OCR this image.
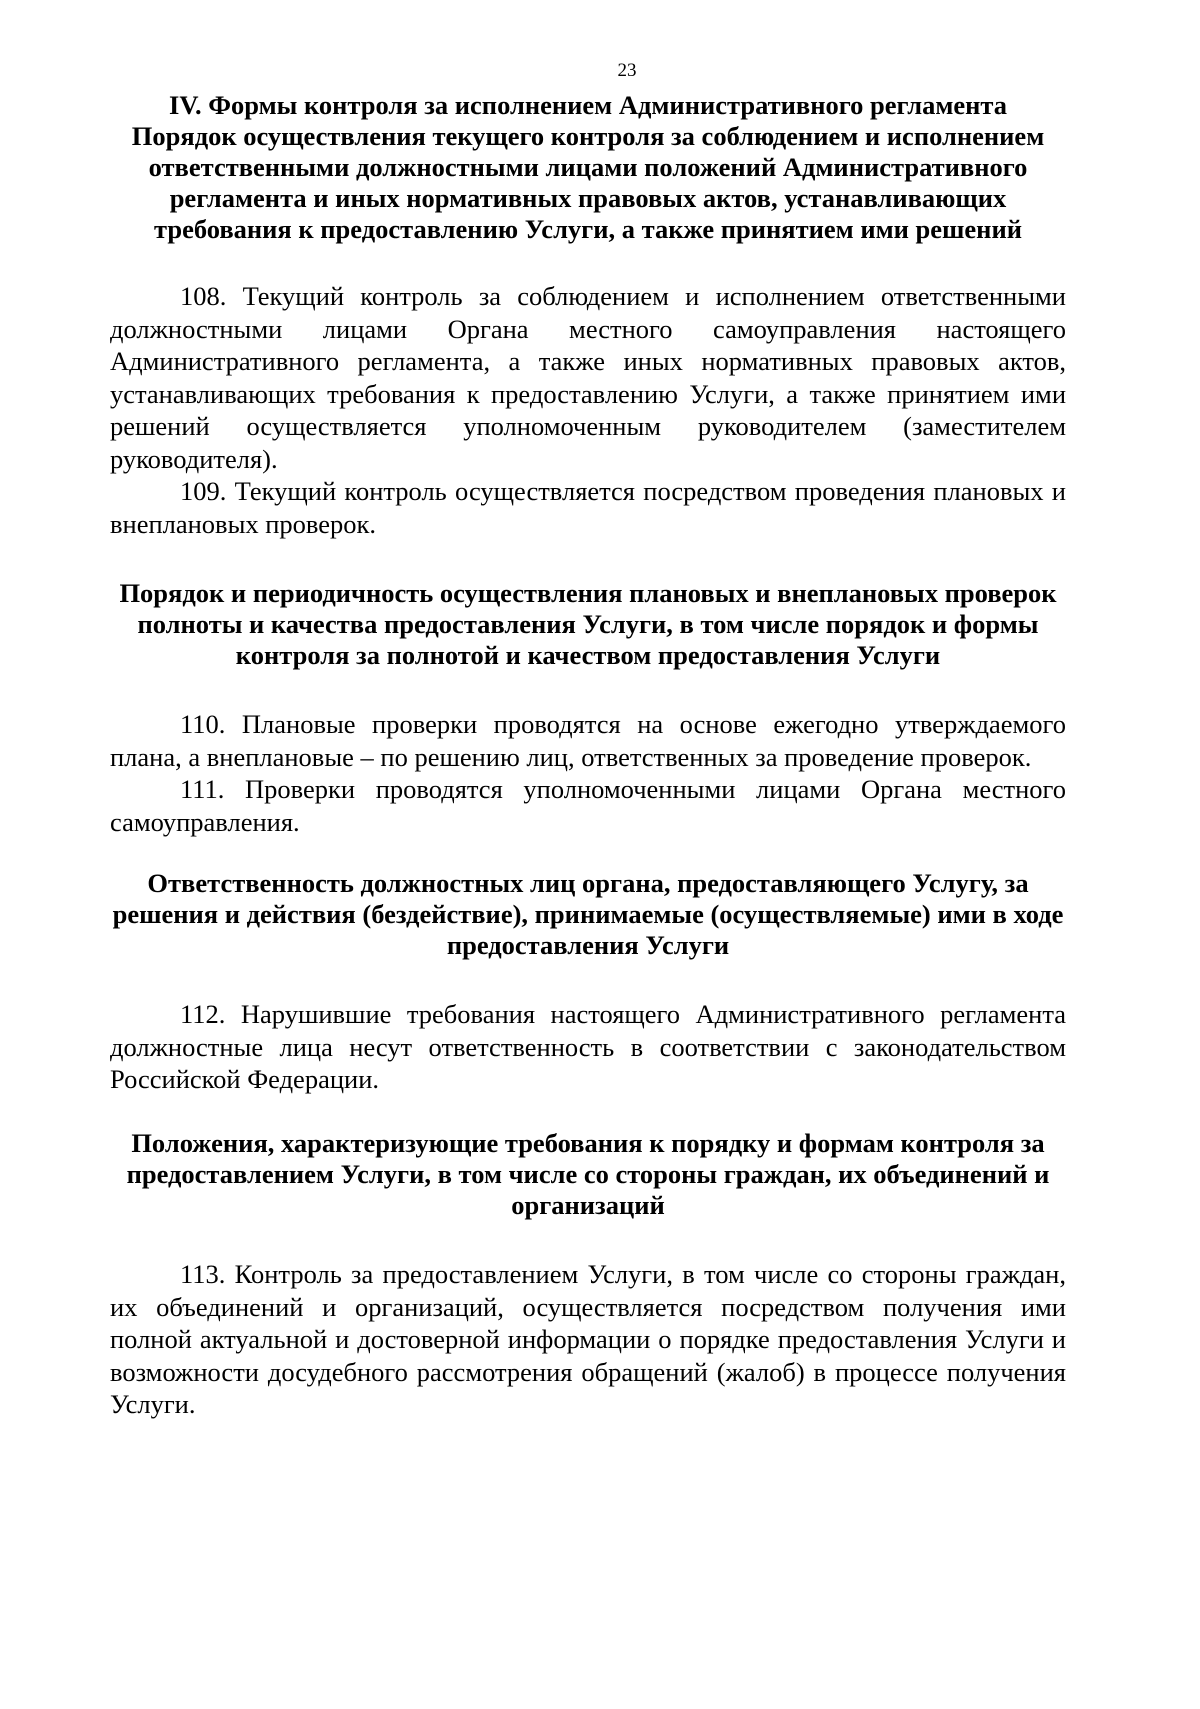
23
IV. Формы контроля за исполнением Административного регламента
Порядок осуществления текущего контроля за соблюдением и исполнением
ответственными должностными лицами положений Административного
регламента и иных нормативных правовых актов, устанавливающих
требования к предоставлению Услуги, а также принятием ими решений

108. Текущий контроль за соблюдением и исполнением ответственными должностными лицами Органа местного самоуправления настоящего Административного регламента, а также иных нормативных правовых актов, устанавливающих требования к предоставлению Услуги, а также принятием ими решений осуществляется уполномоченным руководителем (заместителем руководителя).

109. Текущий контроль осуществляется посредством проведения плановых и внеплановых проверок.

Порядок и периодичность осуществления плановых и внеплановых проверок
полноты и качества предоставления Услуги, в том числе порядок и формы
контроля за полнотой и качеством предоставления Услуги

110. Плановые проверки проводятся на основе ежегодно утверждаемого плана, а внеплановые – по решению лиц, ответственных за проведение проверок.

111. Проверки проводятся уполномоченными лицами Органа местного самоуправления.

Ответственность должностных лиц органа, предоставляющего Услугу, за
решения и действия (бездействие), принимаемые (осуществляемые) ими в ходе
предоставления Услуги

112. Нарушившие требования настоящего Административного регламента должностные лица несут ответственность в соответствии с законодательством Российской Федерации.

Положения, характеризующие требования к порядку и формам контроля за
предоставлением Услуги, в том числе со стороны граждан, их объединений и
организаций

113. Контроль за предоставлением Услуги, в том числе со стороны граждан, их объединений и организаций, осуществляется посредством получения ими полной актуальной и достоверной информации о порядке предоставления Услуги и возможности досудебного рассмотрения обращений (жалоб) в процессе получения Услуги.
